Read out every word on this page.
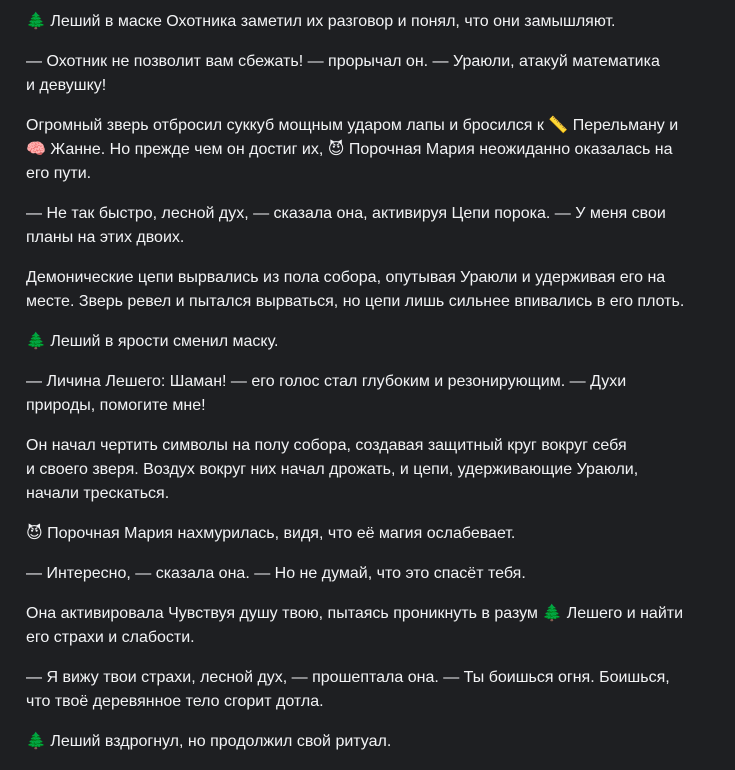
🌲 Леший в маске Охотника заметил их разговор и понял, что они замышляют.

— Охотник не позволит вам сбежать! — прорычал он. — Ураюли, атакуй математика
и девушку!

Огромный зверь отбросил суккуб мощным ударом лапы и бросился к 📏 Перельману и
🧠 Жанне. Но прежде чем он достиг их, 😈 Порочная Мария неожиданно оказалась на
его пути.

— Не так быстро, лесной дух, — сказала она, активируя Цепи порока. — У меня свои
планы на этих двоих.

Демонические цепи вырвались из пола собора, опутывая Ураюли и удерживая его на
месте. Зверь ревел и пытался вырваться, но цепи лишь сильнее впивались в его плоть.

🌲 Леший в ярости сменил маску.

— Личина Лешего: Шаман! — его голос стал глубоким и резонирующим. — Духи
природы, помогите мне!

Он начал чертить символы на полу собора, создавая защитный круг вокруг себя
и своего зверя. Воздух вокруг них начал дрожать, и цепи, удерживающие Ураюли,
начали трескаться.

😈 Порочная Мария нахмурилась, видя, что её магия ослабевает.

— Интересно, — сказала она. — Но не думай, что это спасёт тебя.

Она активировала Чувствуя душу твою, пытаясь проникнуть в разум 🌲 Лешего и найти
его страхи и слабости.

— Я вижу твои страхи, лесной дух, — прошептала она. — Ты боишься огня. Боишься,
что твоё деревянное тело сгорит дотла.

🌲 Леший вздрогнул, но продолжил свой ритуал.
